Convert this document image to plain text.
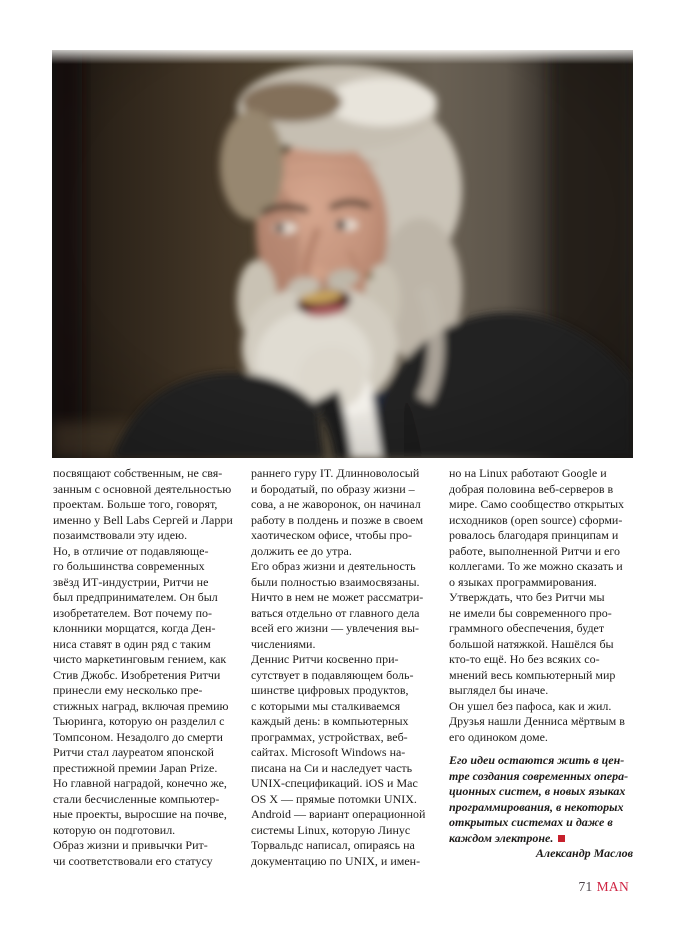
посвящают собственным, не свя-
занным с основной деятельностью
проектам. Больше того, говорят,
именно у Bell Labs Сергей и Ларри
позаимствовали эту идею.
Но, в отличие от подавляюще-
го большинства современных
звёзд ИТ-индустрии, Ритчи не
был предпринимателем. Он был
изобретателем. Вот почему по-
клонники морщатся, когда Ден-
ниса ставят в один ряд с таким
чисто маркетинговым гением, как
Стив Джобс. Изобретения Ритчи
принесли ему несколько пре-
стижных наград, включая премию
Тьюринга, которую он разделил с
Томпсоном. Незадолго до смерти
Ритчи стал лауреатом японской
престижной премии Japan Prize.
Но главной наградой, конечно же,
стали бесчисленные компьютер-
ные проекты, выросшие на почве,
которую он подготовил.
Образ жизни и привычки Рит-
чи соответствовали его статусу
раннего гуру IT. Длинноволосый
и бородатый, по образу жизни –
сова, а не жаворонок, он начинал
работу в полдень и позже в своем
хаотическом офисе, чтобы про-
должить ее до утра.
Его образ жизни и деятельность
были полностью взаимосвязаны.
Ничто в нем не может рассматри-
ваться отдельно от главного дела
всей его жизни — увлечения вы-
числениями.
Деннис Ритчи косвенно при-
сутствует в подавляющем боль-
шинстве цифровых продуктов,
с которыми мы сталкиваемся
каждый день: в компьютерных
программах, устройствах, веб-
сайтах. Microsoft Windows на-
писана на Си и наследует часть
UNIX-спецификаций. iOS и Mac
OS X — прямые потомки UNIX.
Android — вариант операционной
системы Linux, которую Линус
Торвальдс написал, опираясь на
документацию по UNIX, и имен-
но на Linux работают Google и
добрая половина веб-серверов в
мире. Само сообщество открытых
исходников (open source) сформи-
ровалось благодаря принципам и
работе, выполненной Ритчи и его
коллегами. То же можно сказать и
о языках программирования.
Утверждать, что без Ритчи мы
не имели бы современного про-
граммного обеспечения, будет
большой натяжкой. Нашёлся бы
кто-то ещё. Но без всяких со-
мнений весь компьютерный мир
выглядел бы иначе.
Он ушел без пафоса, как и жил.
Друзья нашли Денниса мёртвым в
его одиноком доме.
Его идеи остаются жить в цен-
тре создания современных опера-
ционных систем, в новых языках
программирования, в некоторых
открытых системах и даже в
каждом электроне.
Александр Маслов
71 MAN
